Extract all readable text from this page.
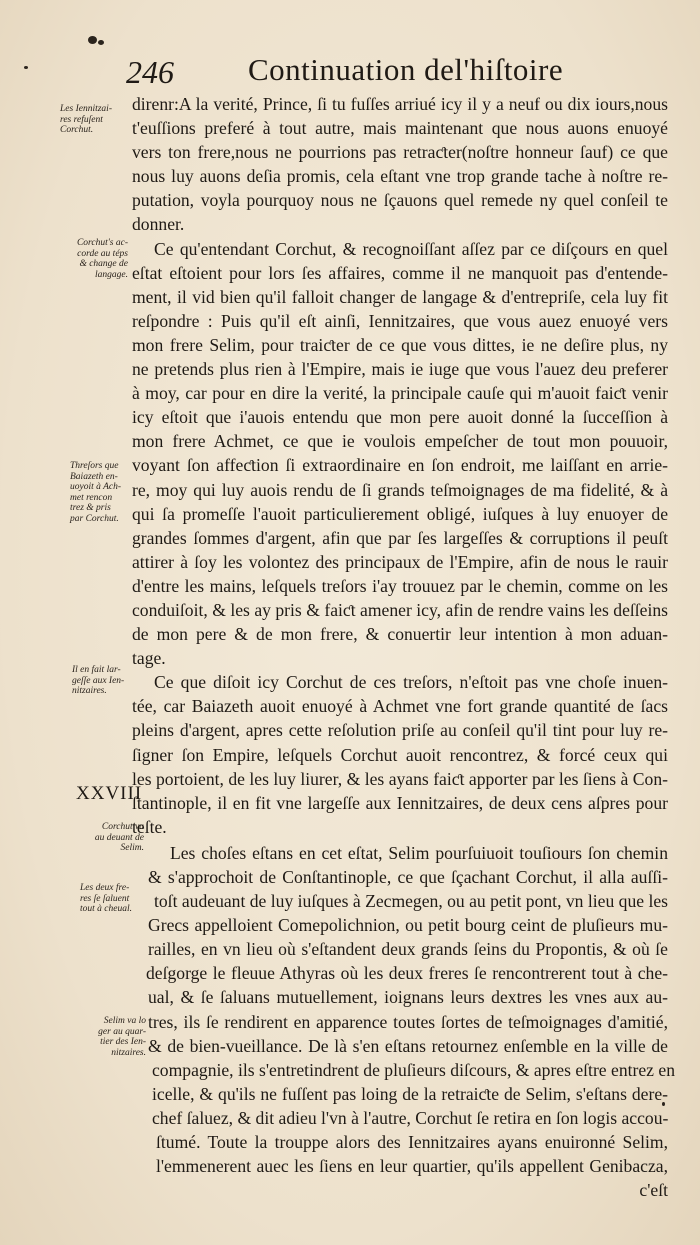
246 Continuation del'hiſtoire
Les Iennitzai-
res refuſent
Corchut.
Corchut's ac-
corde au téps
& change de
langage.
Threſors que
Baiazeth en-
uoyoit à Ach-
met rencon
trez & pris
par Corchut.
Il en fait lar-
geſſe aux Ien-
nitzaires.
Corchut va
au deuant de
Selim.
Les deux fre-
res ſe ſaluent
tout à cheual.
Selim va lo
ger au quar-
tier des Ien-
nitzaires.
XXVIII
direnr:A la verité, Prince, ſi tu fuſſes arriué icy il y a neuf ou dix iours,nous
t'euſſions preferé à tout autre, mais maintenant que nous auons enuoyé
vers ton frere,nous ne pourrions pas retraƈter(noſtre honneur ſauf) ce que
nous luy auons deſia promis, cela eſtant vne trop grande tache à noſtre re-
putation, voyla pourquoy nous ne ſçauons quel remede ny quel conſeil te
donner.
Ce qu'entendant Corchut, & recognoiſſant aſſez par ce diſçours en quel
eſtat eſtoient pour lors ſes affaires, comme il ne manquoit pas d'entende-
ment, il vid bien qu'il falloit changer de langage & d'entrepriſe, cela luy fit
reſpondre : Puis qu'il eſt ainſi, Iennitzaires, que vous auez enuoyé vers
mon frere Selim, pour traiƈter de ce que vous dittes, ie ne deſire plus, ny
ne pretends plus rien à l'Empire, mais ie iuge que vous l'auez deu preferer
à moy, car pour en dire la verité, la principale cauſe qui m'auoit faiƈt venir
icy eſtoit que i'auois entendu que mon pere auoit donné la ſucceſſion à
mon frere Achmet, ce que ie voulois empeſcher de tout mon pouuoir,
voyant ſon affeƈtion ſi extraordinaire en ſon endroit, me laiſſant en arrie-
re, moy qui luy auois rendu de ſi grands teſmoignages de ma fidelité, & à
qui ſa promeſſe l'auoit particulierement obligé, iuſques à luy enuoyer de
grandes ſommes d'argent, afin que par ſes largeſſes & corruptions il peuſt
attirer à ſoy les volontez des principaux de l'Empire, afin de nous le rauir
d'entre les mains, leſquels treſors i'ay trouuez par le chemin, comme on les
conduiſoit, & les ay pris & faiƈt amener icy, afin de rendre vains les deſſeins
de mon pere & de mon frere, & conuertir leur intention à mon aduan-
tage.
Ce que diſoit icy Corchut de ces treſors, n'eſtoit pas vne choſe inuen-
tée, car Baiazeth auoit enuoyé à Achmet vne fort grande quantité de ſacs
pleins d'argent, apres cette reſolution priſe au conſeil qu'il tint pour luy re-
ſigner ſon Empire, leſquels Corchut auoit rencontrez, & forcé ceux qui
les portoient, de les luy liurer, & les ayans faiƈt apporter par les ſiens à Con-
ſtantinople, il en fit vne largeſſe aux Iennitzaires, de deux cens aſpres pour
teſte.
Les choſes eſtans en cet eſtat, Selim pourſuiuoit touſiours ſon chemin
& s'approchoit de Conſtantinople, ce que ſçachant Corchut, il alla auſſi-
toſt audeuant de luy iuſques à Zecmegen, ou au petit pont, vn lieu que les
Grecs appelloient Comepolichnion, ou petit bourg ceint de pluſieurs mu-
railles, en vn lieu où s'eſtandent deux grands ſeins du Propontis, & où ſe
deſgorge le fleuue Athyras où les deux freres ſe rencontrerent tout à che-
ual, & ſe ſaluans mutuellement, ioignans leurs dextres les vnes aux au-
tres, ils ſe rendirent en apparence toutes ſortes de teſmoignages d'amitié,
& de bien-vueillance. De là s'en eſtans retournez enſemble en la ville de
compagnie, ils s'entretindrent de pluſieurs diſcours, & apres eſtre entrez en
icelle, & qu'ils ne fuſſent pas loing de la retraiƈte de Selim, s'eſtans dere-
chef ſaluez, & dit adieu l'vn à l'autre, Corchut ſe retira en ſon logis accou-
ſtumé. Toute la trouppe alors des Iennitzaires ayans enuironné Selim,
l'emmenerent auec les ſiens en leur quartier, qu'ils appellent Genibacza,
c'eſt
